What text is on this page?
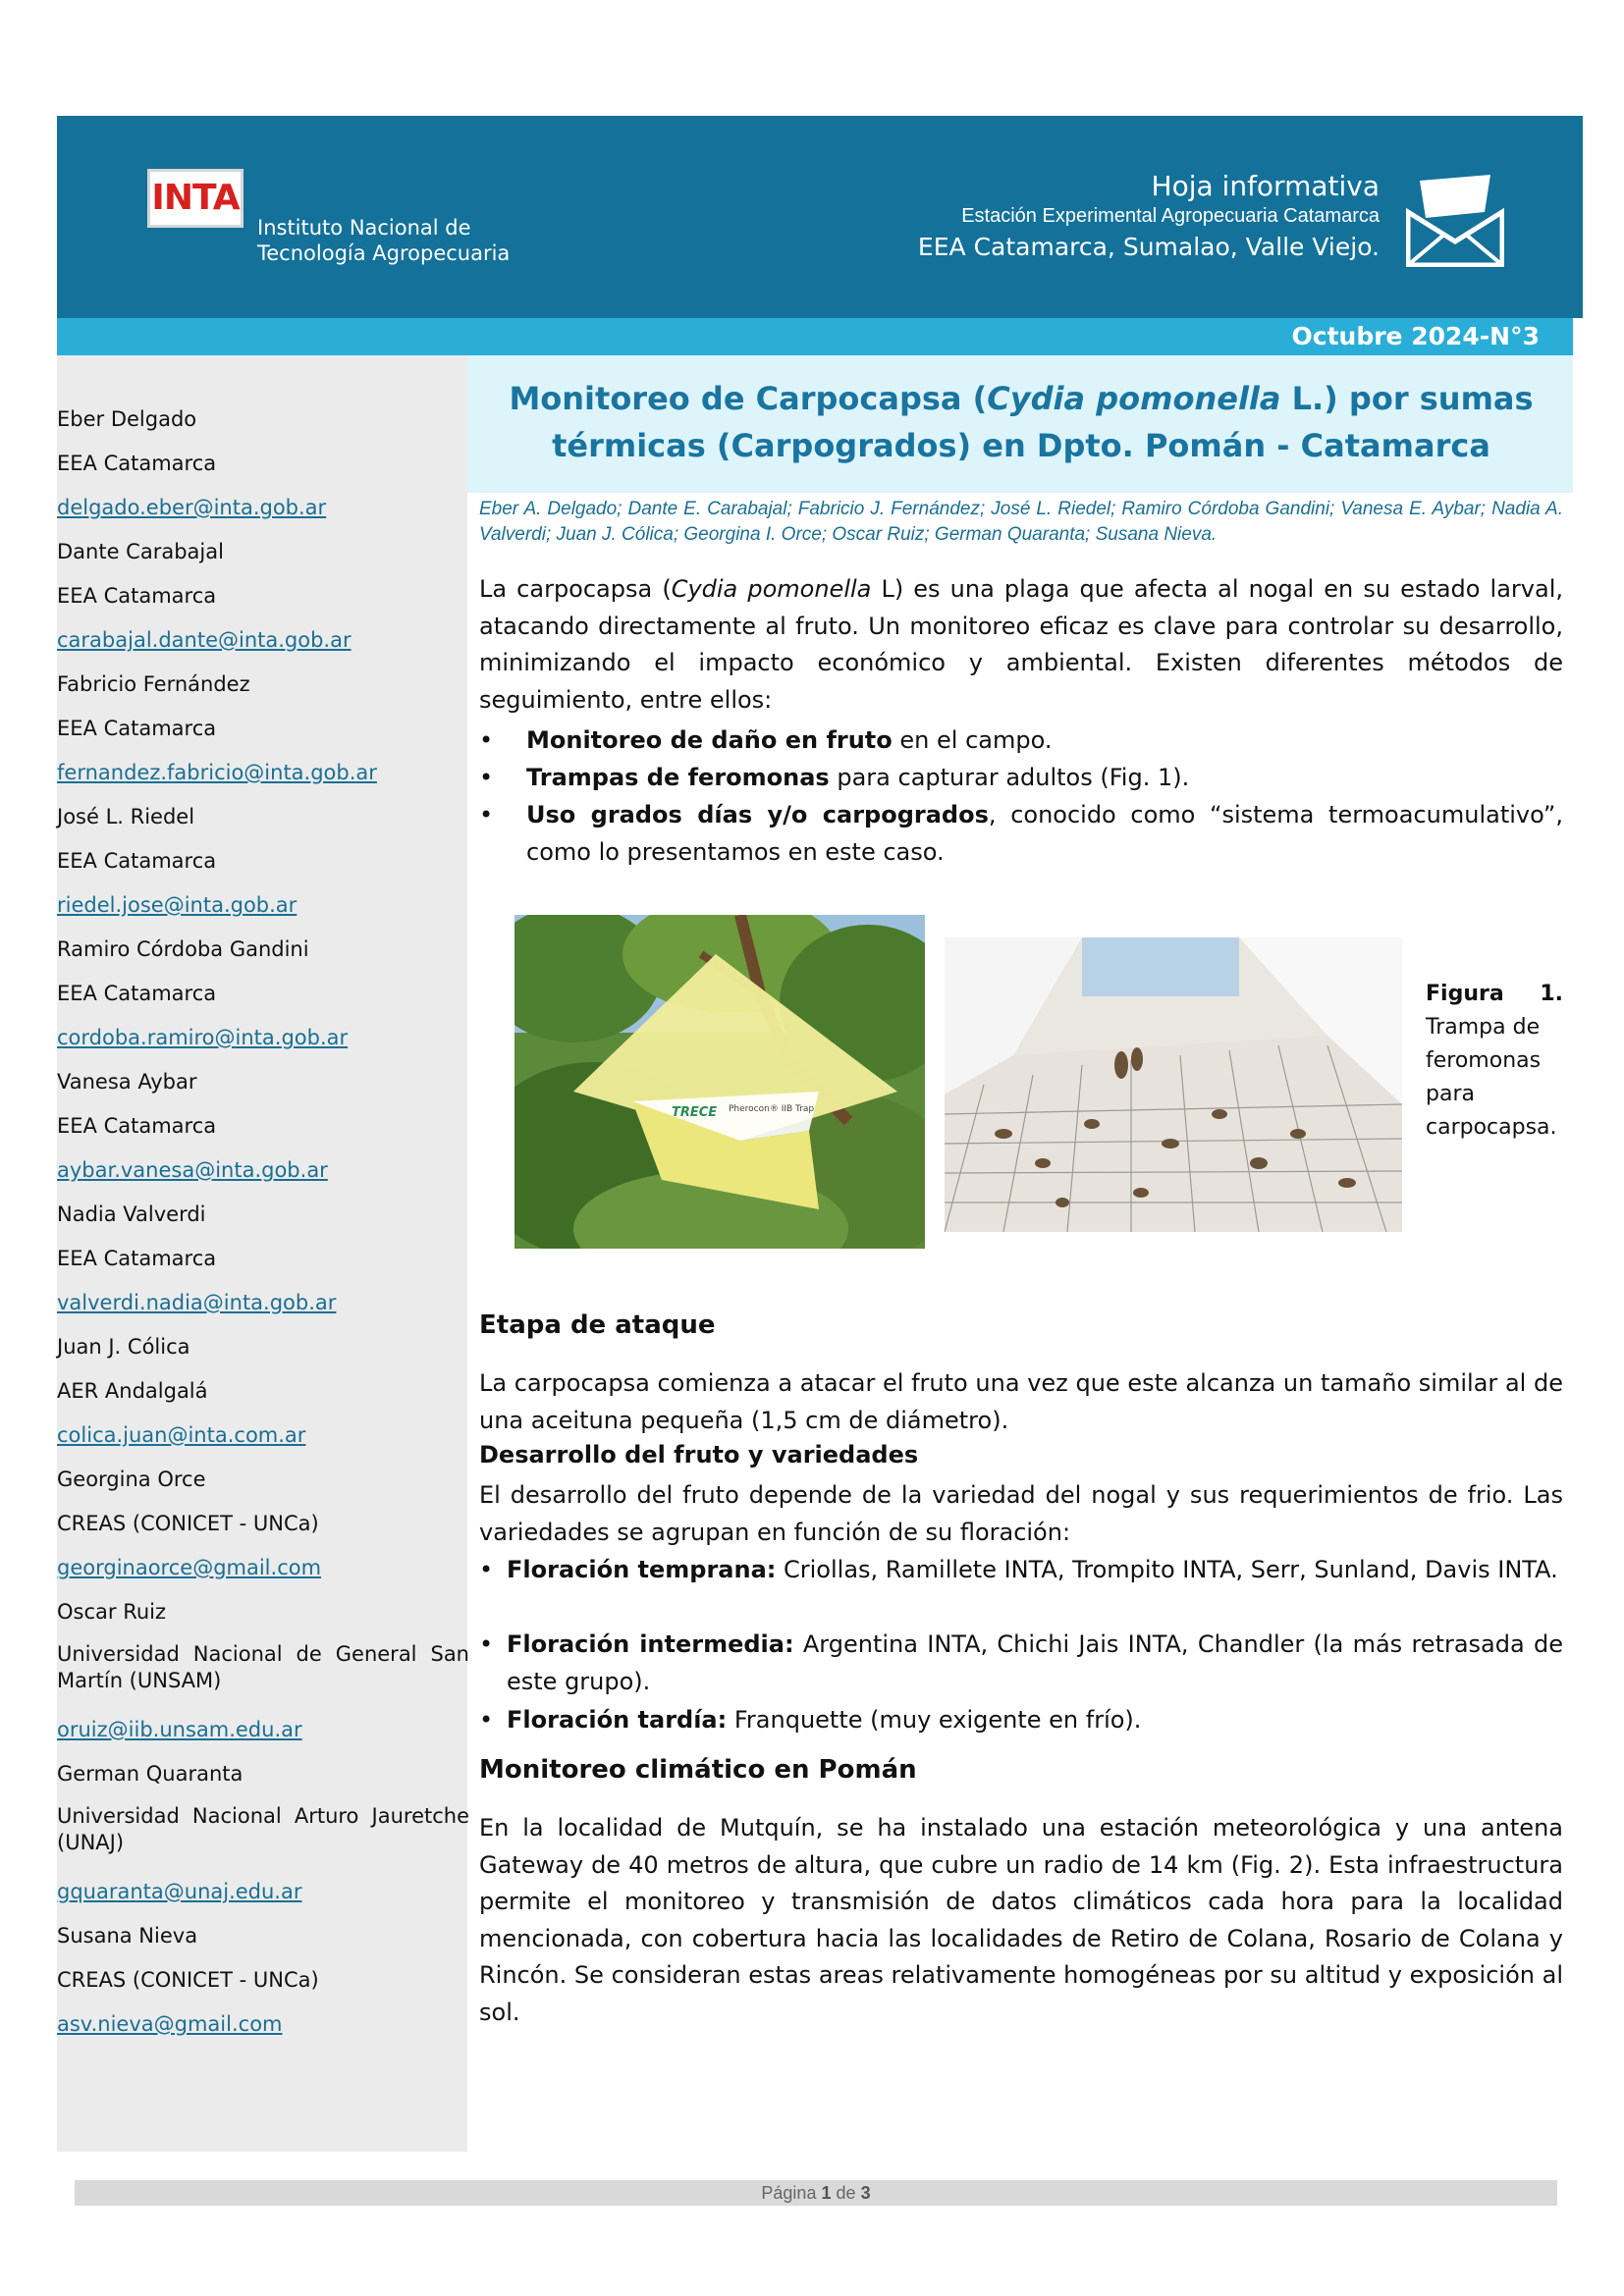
INTA
Instituto Nacional de
Tecnología Agropecuaria
Hoja informativa
Estación Experimental Agropecuaria Catamarca
EEA Catamarca, Sumalao, Valle Viejo.
Octubre 2024-N°3
Eber Delgado
EEA Catamarca
delgado.eber@inta.gob.ar
Dante Carabajal
EEA Catamarca
carabajal.dante@inta.gob.ar
Fabricio Fernández
EEA Catamarca
fernandez.fabricio@inta.gob.ar
José L. Riedel
EEA Catamarca
riedel.jose@inta.gob.ar
Ramiro Córdoba Gandini
EEA Catamarca
cordoba.ramiro@inta.gob.ar
Vanesa Aybar
EEA Catamarca
aybar.vanesa@inta.gob.ar
Nadia Valverdi
EEA Catamarca
valverdi.nadia@inta.gob.ar
Juan J. Cólica
AER Andalgalá
colica.juan@inta.com.ar
Georgina Orce
CREAS (CONICET - UNCa)
georginaorce@gmail.com
Oscar Ruiz
Universidad Nacional de General San Martín (UNSAM)
oruiz@iib.unsam.edu.ar
German Quaranta
Universidad Nacional Arturo Jauretche (UNAJ)
gquaranta@unaj.edu.ar
Susana Nieva
CREAS (CONICET - UNCa)
asv.nieva@gmail.com
Monitoreo de Carpocapsa (Cydia pomonella L.) por sumas térmicas (Carpogrados) en Dpto. Pomán - Catamarca
Eber A. Delgado; Dante E. Carabajal; Fabricio J. Fernández; José L. Riedel; Ramiro Córdoba Gandini; Vanesa E. Aybar; Nadia A. Valverdi; Juan J. Cólica; Georgina I. Orce; Oscar Ruiz; German Quaranta; Susana Nieva.
La carpocapsa (Cydia pomonella L) es una plaga que afecta al nogal en su estado larval, atacando directamente al fruto. Un monitoreo eficaz es clave para controlar su desarrollo, minimizando el impacto económico y ambiental. Existen diferentes métodos de seguimiento, entre ellos:
• Monitoreo de daño en fruto en el campo.
• Trampas de feromonas para capturar adultos (Fig. 1).
• Uso grados días y/o carpogrados, conocido como “sistema termoacumulativo”, como lo presentamos en este caso.
TRECE Pherocon® IIB Trap
Figura 1.
Trampa de feromonas para carpocapsa.
Etapa de ataque
La carpocapsa comienza a atacar el fruto una vez que este alcanza un tamaño similar al de una aceituna pequeña (1,5 cm de diámetro).
Desarrollo del fruto y variedades
El desarrollo del fruto depende de la variedad del nogal y sus requerimientos de frio. Las variedades se agrupan en función de su floración:
• Floración temprana: Criollas, Ramillete INTA, Trompito INTA, Serr, Sunland, Davis INTA.
• Floración intermedia: Argentina INTA, Chichi Jais INTA, Chandler (la más retrasada de este grupo).
• Floración tardía: Franquette (muy exigente en frío).
Monitoreo climático en Pomán
En la localidad de Mutquín, se ha instalado una estación meteorológica y una antena Gateway de 40 metros de altura, que cubre un radio de 14 km (Fig. 2). Esta infraestructura permite el monitoreo y transmisión de datos climáticos cada hora para la localidad mencionada, con cobertura hacia las localidades de Retiro de Colana, Rosario de Colana y Rincón. Se consideran estas areas relativamente homogéneas por su altitud y exposición al sol.
Página 1 de 3
